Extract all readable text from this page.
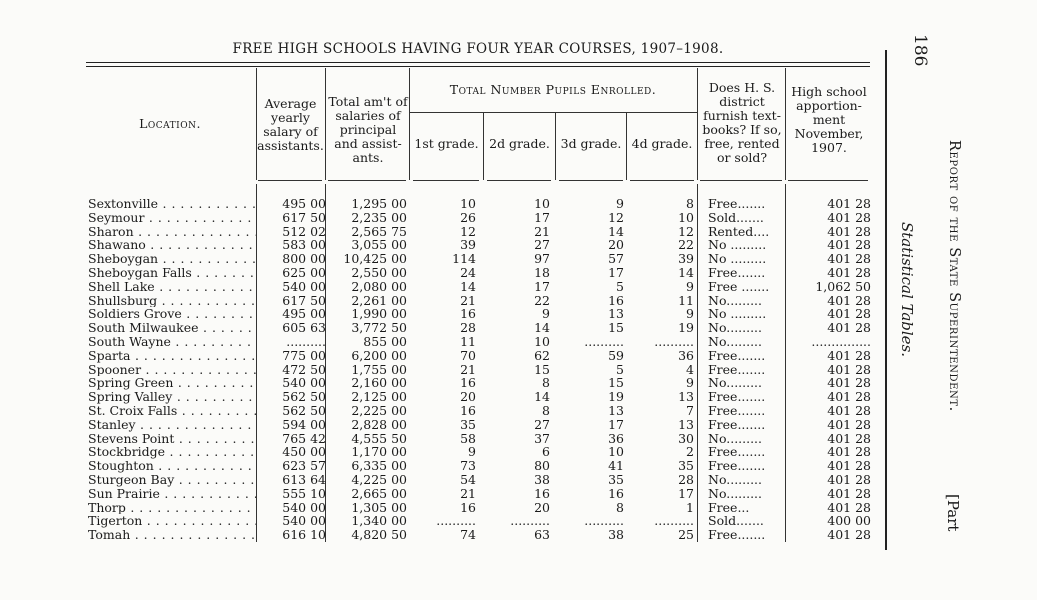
FREE HIGH SCHOOLS HAVING FOUR YEAR COURSES, 1907–1908.
Location.
Average yearly salary of assistants.
Total am't of salaries of principal and assist-ants.
Total Number Pupils Enrolled.
1st grade. 2d grade. 3d grade. 4d grade.
Does H. S. district furnish text-books? If so, free, rented or sold?
High school apportion-ment November, 1907.
Sextonville . . .	495 00	1,295 00	10	10	9	8 Free.......	401 28
Seymour . . .	617 50	2,235 00	26	17	12	10 Sold.......	401 28
Sharon . . .	512 02	2,565 75	12	21	14	12 Rented....	401 28
Shawano . . .	583 00	3,055 00	39	27	20	22 No .........	401 28
Sheboygan . . .	800 00	10,425 00	114	97	57	39 No .........	401 28
Sheboygan Falls . . .	625 00	2,550 00	24	18	17	14 Free.......	401 28
Shell Lake . . .	540 00	2,080 00	14	17	5	9 Free .......	1,062 50
Shullsburg . . .	617 50	2,261 00	21	22	16	11 No.........	401 28
Soldiers Grove . . .	495 00	1,990 00	16	9	13	9 No .........	401 28
South Milwaukee . . .	605 63	3,772 50	28	14	15	19 No.........	401 28
South Wayne . . .	..........	855 00	11	10	..........	.......... No.........	...............
Sparta . . .	775 00	6,200 00	70	62	59	36 Free.......	401 28
Spooner . . .	472 50	1,755 00	21	15	5	4 Free.......	401 28
Spring Green . . .	540 00	2,160 00	16	8	15	9 No.........	401 28
Spring Valley . . .	562 50	2,125 00	20	14	19	13 Free.......	401 28
St. Croix Falls . . .	562 50	2,225 00	16	8	13	7 Free.......	401 28
Stanley . . .	594 00	2,828 00	35	27	17	13 Free.......	401 28
Stevens Point . . .	765 42	4,555 50	58	37	36	30 No.........	401 28
Stockbridge . . .	450 00	1,170 00	9	6	10	2 Free.......	401 28
Stoughton . . .	623 57	6,335 00	73	80	41	35 Free.......	401 28
Sturgeon Bay . . .	613 64	4,225 00	54	38	35	28 No.........	401 28
Sun Prairie . . .	555 10	2,665 00	21	16	16	17 No.........	401 28
Thorp . . .	540 00	1,305 00	16	20	8	1 Free...	401 28
Tigerton . . .	540 00	1,340 00	..........	..........	..........	.......... Sold.......	400 00
Tomah . . .	616 10	4,820 50	74	63	38	25 Free.......	401 28
Statistical Tables.
186
Report of the State Superintendent.
[Part
